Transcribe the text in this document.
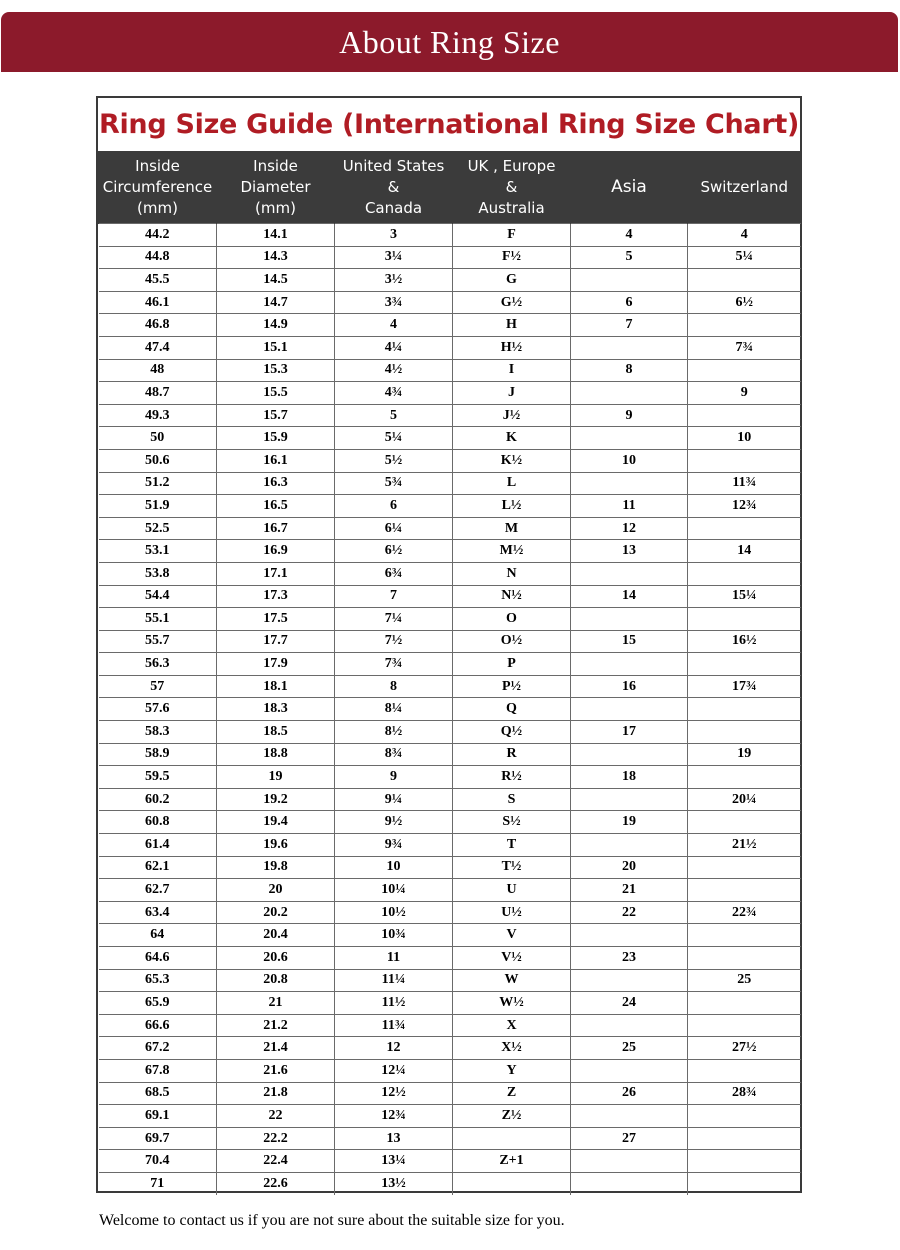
About Ring Size
Ring Size Guide (International Ring Size Chart)
Inside
Circumference
(mm)	Inside
Diameter
(mm)	United States
&
Canada	UK , Europe
&
Australia	Asia	Switzerland
44.2	14.1	3	F	4	4
44.8	14.3	3¼	F½	5	5¼
45.5	14.5	3½	G		
46.1	14.7	3¾	G½	6	6½
46.8	14.9	4	H	7	
47.4	15.1	4¼	H½		7¾
48	15.3	4½	I	8	
48.7	15.5	4¾	J		9
49.3	15.7	5	J½	9	
50	15.9	5¼	K		10
50.6	16.1	5½	K½	10	
51.2	16.3	5¾	L		11¾
51.9	16.5	6	L½	11	12¾
52.5	16.7	6¼	M	12	
53.1	16.9	6½	M½	13	14
53.8	17.1	6¾	N		
54.4	17.3	7	N½	14	15¼
55.1	17.5	7¼	O		
55.7	17.7	7½	O½	15	16½
56.3	17.9	7¾	P		
57	18.1	8	P½	16	17¾
57.6	18.3	8¼	Q		
58.3	18.5	8½	Q½	17	
58.9	18.8	8¾	R		19
59.5	19	9	R½	18	
60.2	19.2	9¼	S		20¼
60.8	19.4	9½	S½	19	
61.4	19.6	9¾	T		21½
62.1	19.8	10	T½	20	
62.7	20	10¼	U	21	
63.4	20.2	10½	U½	22	22¾
64	20.4	10¾	V		
64.6	20.6	11	V½	23	
65.3	20.8	11¼	W		25
65.9	21	11½	W½	24	
66.6	21.2	11¾	X		
67.2	21.4	12	X½	25	27½
67.8	21.6	12¼	Y		
68.5	21.8	12½	Z	26	28¾
69.1	22	12¾	Z½		
69.7	22.2	13		27	
70.4	22.4	13¼	Z+1		
71	22.6	13½			
Welcome to contact us if you are not sure about the suitable size for you.
